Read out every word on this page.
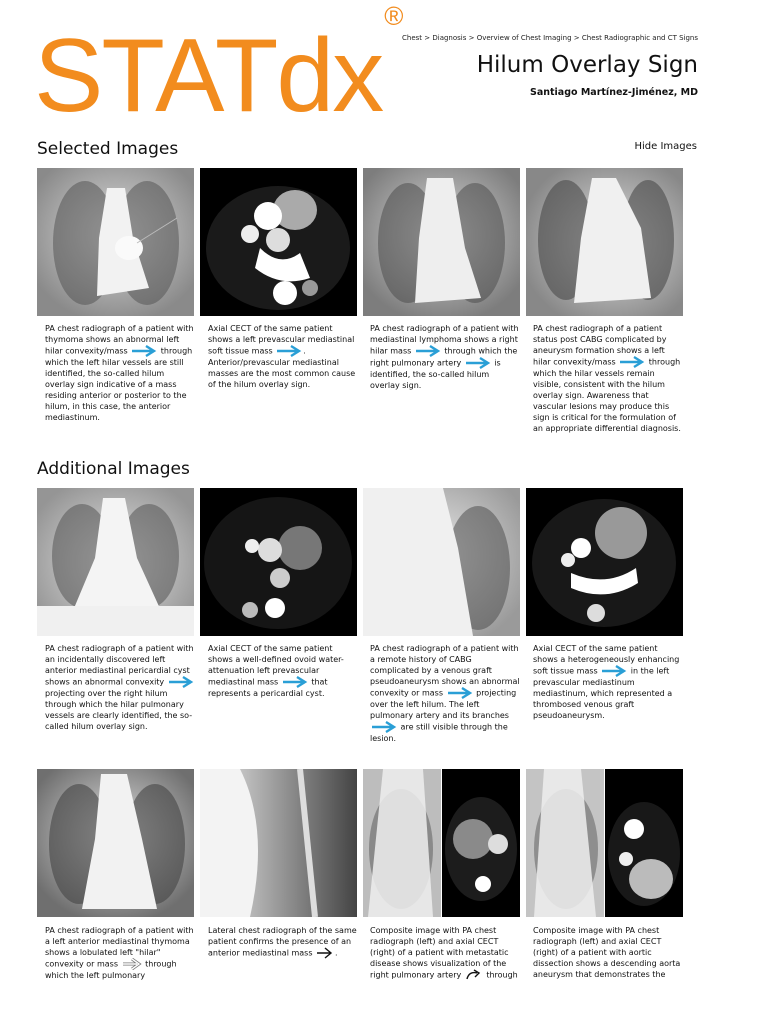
STATdx®
Chest > Diagnosis > Overview of Chest Imaging > Chest Radiographic and CT Signs
Hilum Overlay Sign
Santiago Martínez-Jiménez, MD
Selected Images	Hide Images
PA chest radiograph of a patient with thymoma shows an abnormal left hilar convexity/mass	through which the left hilar vessels are still identified, the so-called hilum overlay sign indicative of a mass residing anterior or posterior to the hilum, in this case, the anterior mediastinum.
Axial CECT of the same patient shows a left prevascular mediastinal soft tissue mass	. Anterior/prevascular mediastinal masses are the most common cause of the hilum overlay sign.
PA chest radiograph of a patient with mediastinal lymphoma shows a right hilar mass	through which the right pulmonary artery	is identified, the so-called hilum overlay sign.
PA chest radiograph of a patient status post CABG complicated by aneurysm formation shows a left hilar convexity/mass	through which the hilar vessels remain visible, consistent with the hilum overlay sign. Awareness that vascular lesions may produce this sign is critical for the formulation of an appropriate differential diagnosis.
Additional Images
PA chest radiograph of a patient with an incidentally discovered left anterior mediastinal pericardial cyst shows an abnormal convexity  projecting over the right hilum through which the hilar pulmonary vessels are clearly identified, the so-called hilum overlay sign.
Axial CECT of the same patient shows a well-defined ovoid water-attenuation left prevascular mediastinal mass	that represents a pericardial cyst.
PA chest radiograph of a patient with a remote history of CABG complicated by a venous graft pseudoaneurysm shows an abnormal convexity or mass	projecting over the left hilum. The left pulmonary artery and its branches  are still visible through the lesion.
Axial CECT of the same patient shows a heterogeneously enhancing soft tissue mass	in the left prevascular mediastinum mediastinum, which represented a thrombosed venous graft pseudoaneurysm.
PA chest radiograph of a patient with a left anterior mediastinal thymoma shows a lobulated left "hilar" convexity or mass	through which the left pulmonary
Lateral chest radiograph of the same patient confirms the presence of an anterior mediastinal mass	.
Composite image with PA chest radiograph (left) and axial CECT (right) of a patient with metastatic disease shows visualization of the right pulmonary artery	through
Composite image with PA chest radiograph (left) and axial CECT (right) of a patient with aortic dissection shows a descending aorta aneurysm that demonstrates the
